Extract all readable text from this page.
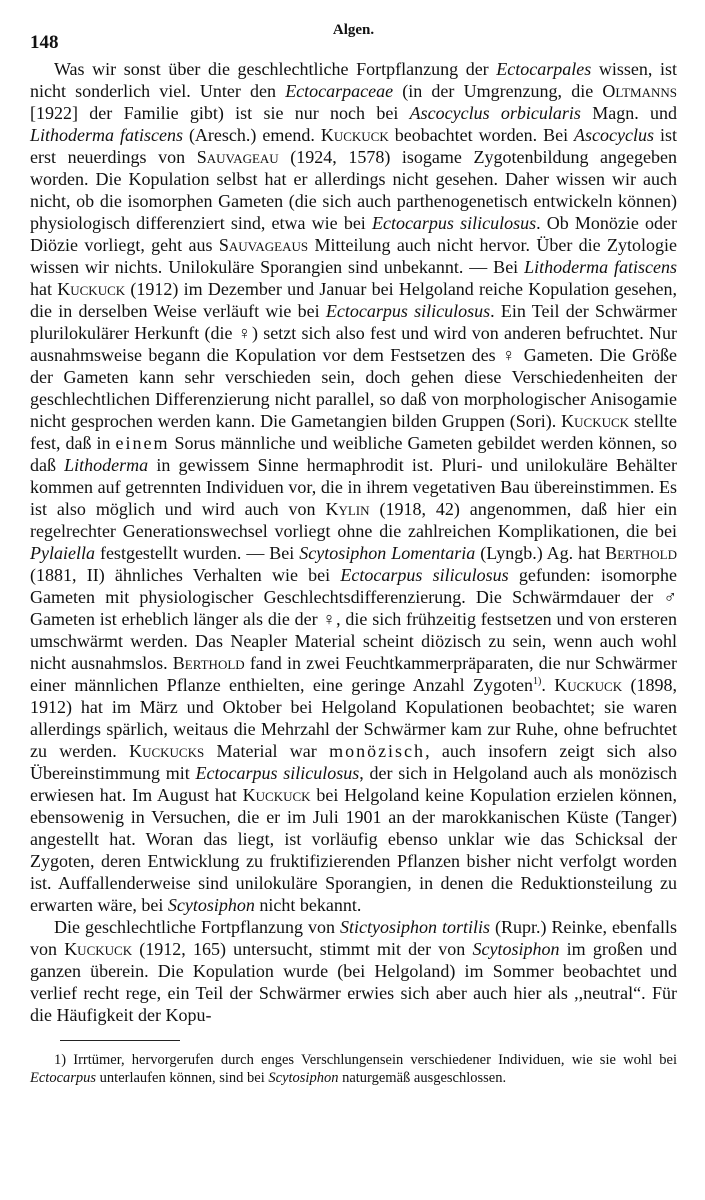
148
Algen.

Was wir sonst über die geschlechtliche Fortpflanzung der Ectocarpales wissen, ist nicht sonderlich viel. Unter den Ectocarpaceae (in der Umgrenzung, die Oltmanns [1922] der Familie gibt) ist sie nur noch bei Ascocyclus orbicularis Magn. und Lithoderma fatiscens (Aresch.) emend. Kuckuck beobachtet worden. Bei Ascocyclus ist erst neuerdings von Sauvageau (1924, 1578) isogame Zygotenbildung angegeben worden. Die Kopulation selbst hat er allerdings nicht gesehen. Daher wissen wir auch nicht, ob die isomorphen Gameten (die sich auch parthenogenetisch entwickeln können) physiologisch differenziert sind, etwa wie bei Ectocarpus siliculosus. Ob Monözie oder Diözie vorliegt, geht aus Sauvageaus Mitteilung auch nicht hervor. Über die Zytologie wissen wir nichts. Unilokuläre Sporangien sind unbekannt. — Bei Lithoderma fatiscens hat Kuckuck (1912) im Dezember und Januar bei Helgoland reiche Kopulation gesehen, die in derselben Weise verläuft wie bei Ectocarpus siliculosus. Ein Teil der Schwärmer plurilokulärer Herkunft (die ♀) setzt sich also fest und wird von anderen befruchtet. Nur ausnahmsweise begann die Kopulation vor dem Festsetzen des ♀ Gameten. Die Größe der Gameten kann sehr verschieden sein, doch gehen diese Verschiedenheiten der geschlechtlichen Differenzierung nicht parallel, so daß von morphologischer Anisogamie nicht gesprochen werden kann. Die Gametangien bilden Gruppen (Sori). Kuckuck stellte fest, daß in einem Sorus männliche und weibliche Gameten gebildet werden können, so daß Lithoderma in gewissem Sinne hermaphrodit ist. Pluri- und unilokuläre Behälter kommen auf getrennten Individuen vor, die in ihrem vegetativen Bau übereinstimmen. Es ist also möglich und wird auch von Kylin (1918, 42) angenommen, daß hier ein regelrechter Generationswechsel vorliegt ohne die zahlreichen Komplikationen, die bei Pylaiella festgestellt wurden. — Bei Scytosiphon Lomentaria (Lyngb.) Ag. hat Berthold (1881, II) ähnliches Verhalten wie bei Ectocarpus siliculosus gefunden: isomorphe Gameten mit physiologischer Geschlechtsdifferenzierung. Die Schwärmdauer der ♂ Gameten ist erheblich länger als die der ♀, die sich frühzeitig festsetzen und von ersteren umschwärmt werden. Das Neapler Material scheint diözisch zu sein, wenn auch wohl nicht ausnahmslos. Berthold fand in zwei Feuchtkammerpräparaten, die nur Schwärmer einer männlichen Pflanze enthielten, eine geringe Anzahl Zygoten$^{1)}$. Kuckuck (1898, 1912) hat im März und Oktober bei Helgoland Kopulationen beobachtet; sie waren allerdings spärlich, weitaus die Mehrzahl der Schwärmer kam zur Ruhe, ohne befruchtet zu werden. Kuckucks Material war monözisch, auch insofern zeigt sich also Übereinstimmung mit Ectocarpus siliculosus, der sich in Helgoland auch als monözisch erwiesen hat. Im August hat Kuckuck bei Helgoland keine Kopulation erzielen können, ebensowenig in Versuchen, die er im Juli 1901 an der marokkanischen Küste (Tanger) angestellt hat. Woran das liegt, ist vorläufig ebenso unklar wie das Schicksal der Zygoten, deren Entwicklung zu fruktifizierenden Pflanzen bisher nicht verfolgt worden ist. Auffallenderweise sind unilokuläre Sporangien, in denen die Reduktionsteilung zu erwarten wäre, bei Scytosiphon nicht bekannt.

Die geschlechtliche Fortpflanzung von Stictyosiphon tortilis (Rupr.) Reinke, ebenfalls von Kuckuck (1912, 165) untersucht, stimmt mit der von Scytosiphon im großen und ganzen überein. Die Kopulation wurde (bei Helgoland) im Sommer beobachtet und verlief recht rege, ein Teil der Schwärmer erwies sich aber auch hier als ,,neutral“. Für die Häufigkeit der Kopu-

1) Irrtümer, hervorgerufen durch enges Verschlungensein verschiedener Individuen, wie sie wohl bei Ectocarpus unterlaufen können, sind bei Scytosiphon naturgemäß ausgeschlossen.
